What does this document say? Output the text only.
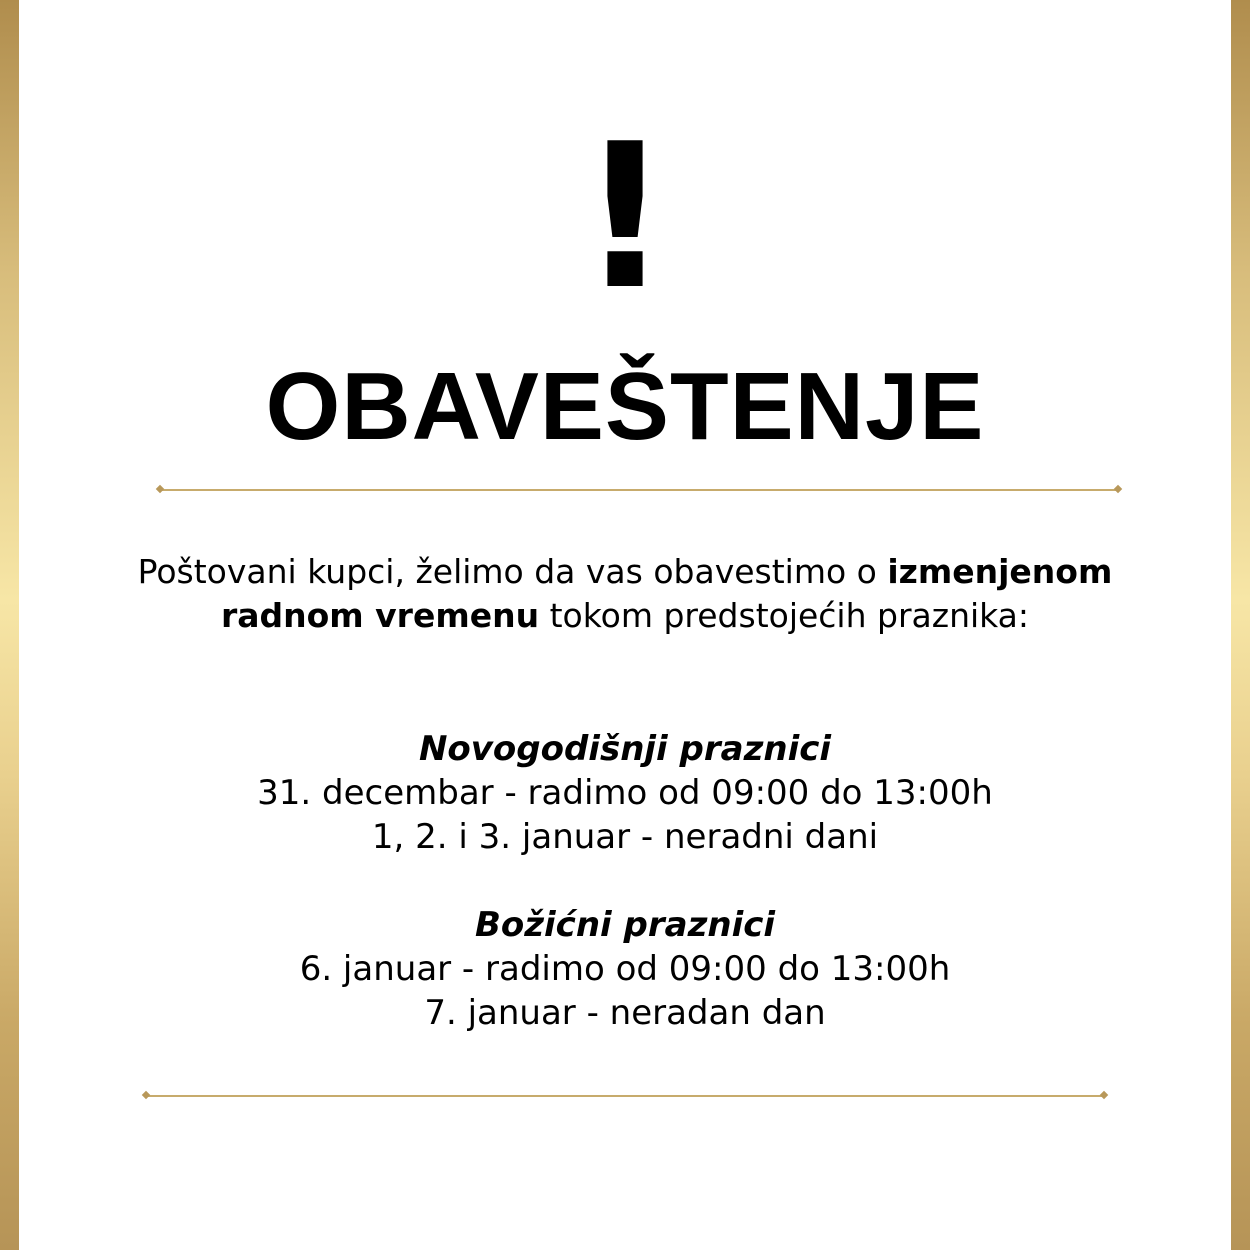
!
OBAVEŠTENJE
Poštovani kupci, želimo da vas obavestimo o izmenjenom
radnom vremenu tokom predstojećih praznika:
Novogodišnji praznici
31. decembar - radimo od 09:00 do 13:00h
1, 2. i 3. januar - neradni dani
Božićni praznici
6. januar - radimo od 09:00 do 13:00h
7. januar - neradan dan
